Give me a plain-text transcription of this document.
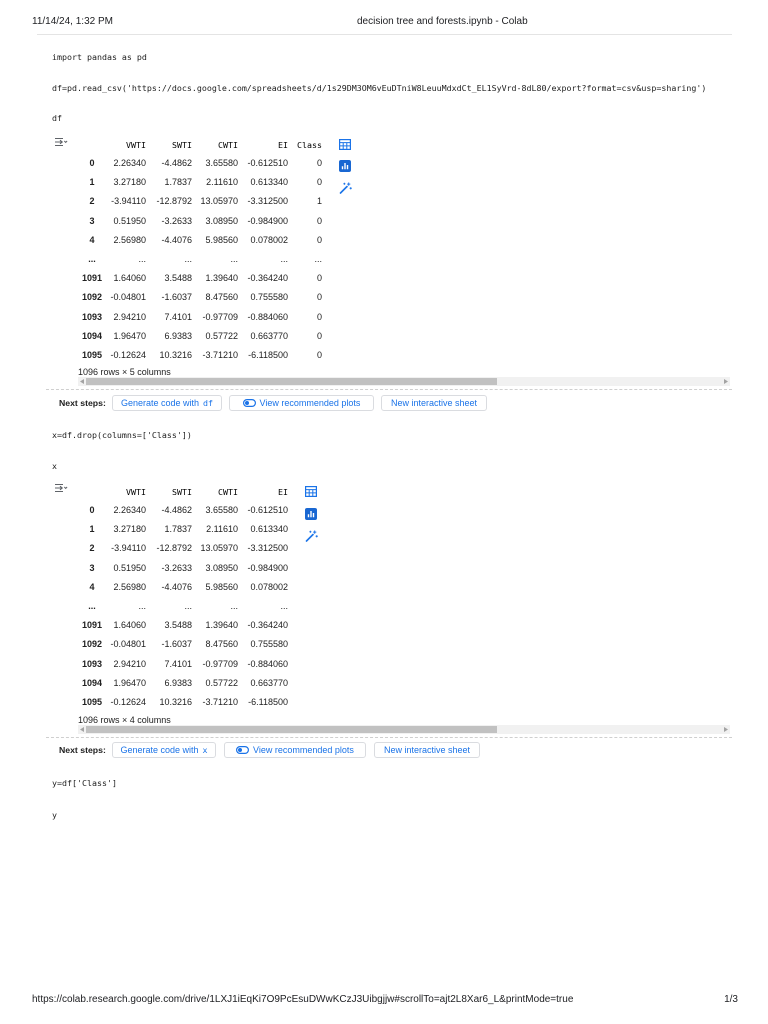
11/14/24, 1:32 PM	decision tree and forests.ipynb - Colab
import pandas as pd
df=pd.read_csv('https://docs.google.com/spreadsheets/d/1s29DM3OM6vEuDTniW8LeuuMdxdCt_EL1SyVrd-8dL80/export?format=csv&usp=sharing')
df
	VWTI	SWTI	CWTI	EI	Class
0	2.26340	-4.4862	3.65580	-0.612510	0
1	3.27180	1.7837	2.11610	0.613340	0
2	-3.94110	-12.8792	13.05970	-3.312500	1
3	0.51950	-3.2633	3.08950	-0.984900	0
4	2.56980	-4.4076	5.98560	0.078002	0
...	...	...	...	...	...
1091	1.64060	3.5488	1.39640	-0.364240	0
1092	-0.04801	-1.6037	8.47560	0.755580	0
1093	2.94210	7.4101	-0.97709	-0.884060	0
1094	1.96470	6.9383	0.57722	0.663770	0
1095	-0.12624	10.3216	-3.71210	-6.118500	0
1096 rows × 5 columns
Next steps:	Generate code with df	View recommended plots	New interactive sheet
x=df.drop(columns=['Class'])
x
	VWTI	SWTI	CWTI	EI
0	2.26340	-4.4862	3.65580	-0.612510
1	3.27180	1.7837	2.11610	0.613340
2	-3.94110	-12.8792	13.05970	-3.312500
3	0.51950	-3.2633	3.08950	-0.984900
4	2.56980	-4.4076	5.98560	0.078002
...	...	...	...	...
1091	1.64060	3.5488	1.39640	-0.364240
1092	-0.04801	-1.6037	8.47560	0.755580
1093	2.94210	7.4101	-0.97709	-0.884060
1094	1.96470	6.9383	0.57722	0.663770
1095	-0.12624	10.3216	-3.71210	-6.118500
1096 rows × 4 columns
Next steps:	Generate code with x	View recommended plots	New interactive sheet
y=df['Class']
y
https://colab.research.google.com/drive/1LXJ1iEqKi7O9PcEsuDWwKCzJ3Uibgjjw#scrollTo=ajt2L8Xar6_L&printMode=true	1/3
